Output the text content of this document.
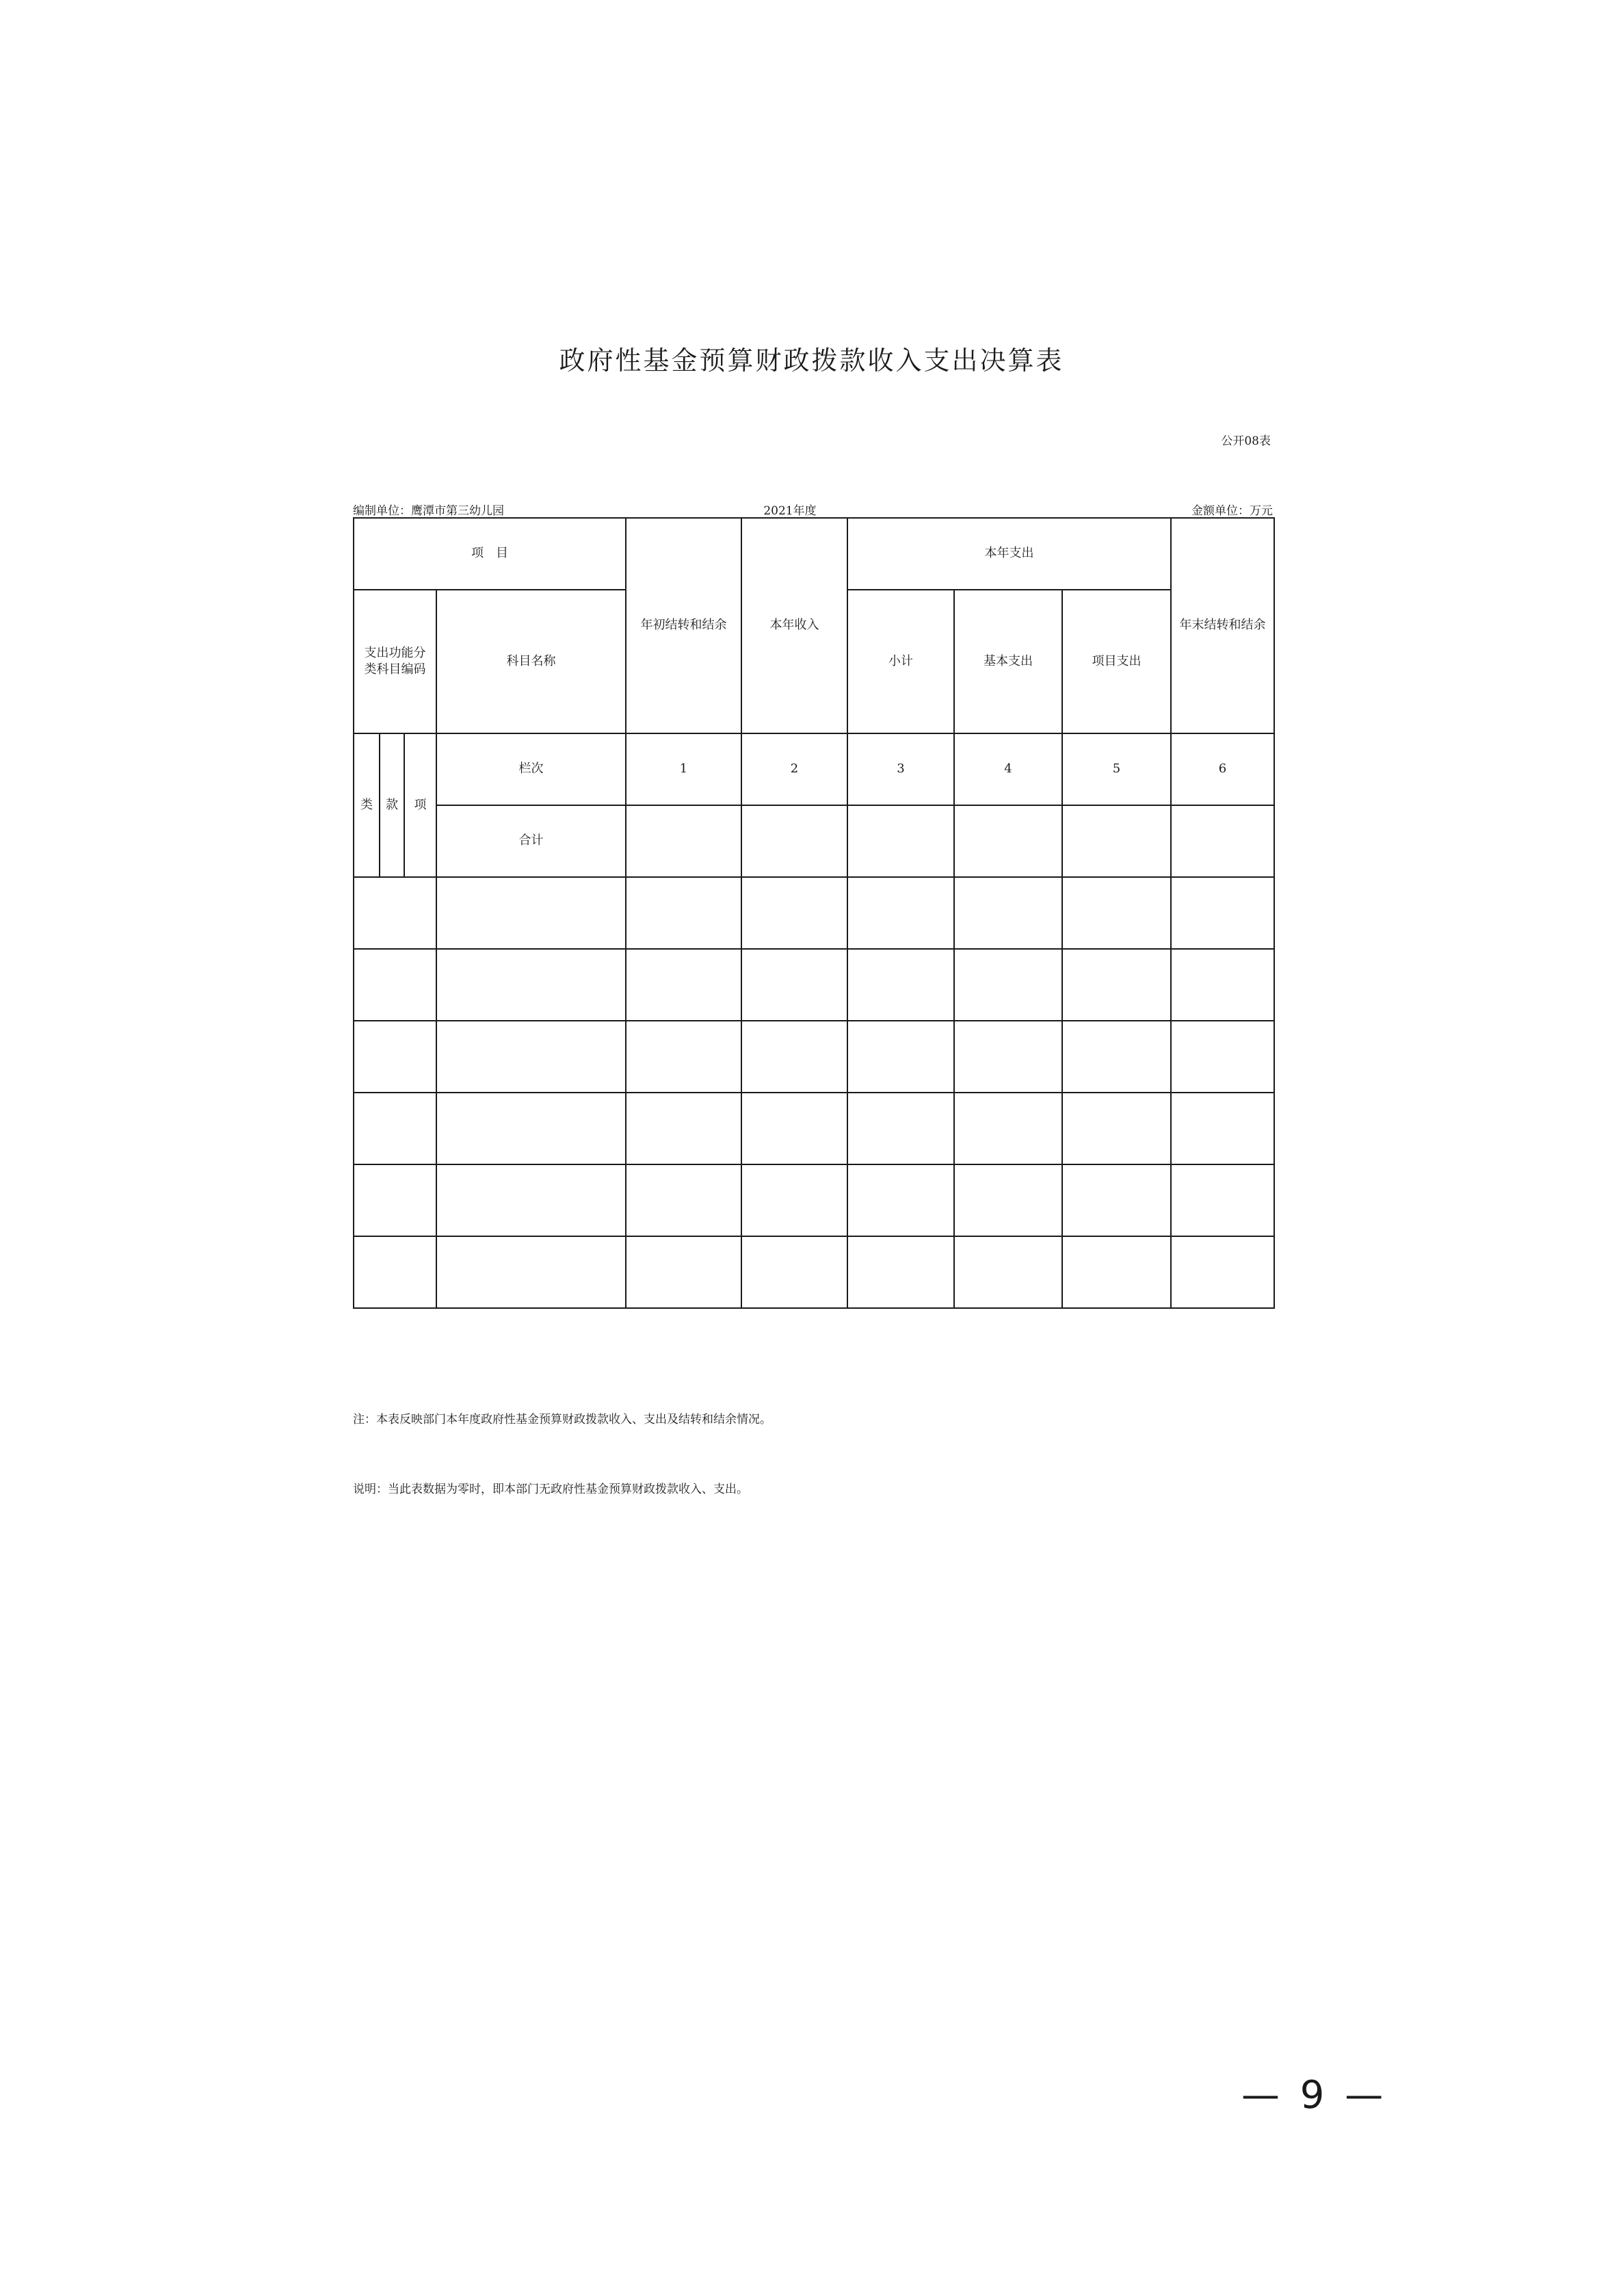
政府性基金预算财政拨款收入支出决算表
公开08表
编制单位：鹰潭市第三幼儿园	2021年度	金额单位：万元
项　目				年初结转和结余	本年收入	本年支出			年末结转和结余
支出功能分类科目编码			科目名称			小计	基本支出	项目支出	
类	款	项	栏次	1	2	3	4	5	6
			合计						

注：本表反映部门本年度政府性基金预算财政拨款收入、支出及结转和结余情况。
说明：当此表数据为零时，即本部门无政府性基金预算财政拨款收入、支出。
— 9 —
